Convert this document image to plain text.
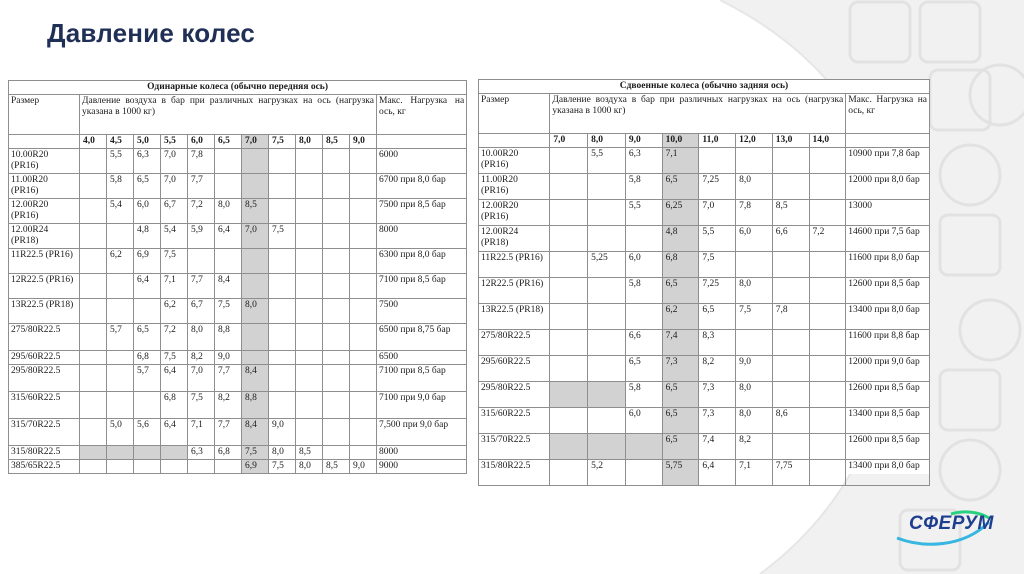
Давление колес
Одинарные колеса (обычно передняя ось)												
Размер	Давление воздуха в бар при различных нагрузках на ось (нагрузка указана в 1000 кг)											Макс. Нагрузка на ось, кг
	4,0	4,5	5,0	5,5	6,0	6,5	7,0	7,5	8,0	8,5	9,0	
10.00R20 (PR16)		5,5	6,3	7,0	7,8							6000
11.00R20 (PR16)		5,8	6,5	7,0	7,7							6700 при 8,0 бар
12.00R20 (PR16)		5,4	6,0	6,7	7,2	8,0	8,5					7500 при 8,5 бар
12.00R24 (PR18)			4,8	5,4	5,9	6,4	7,0	7,5				8000
11R22.5 (PR16)		6,2	6,9	7,5								6300 при 8,0 бар
12R22.5 (PR16)			6,4	7,1	7,7	8,4						7100 при 8,5 бар
13R22.5 (PR18)				6,2	6,7	7,5	8,0					7500
275/80R22.5		5,7	6,5	7,2	8,0	8,8						6500 при 8,75 бар
295/60R22.5			6,8	7,5	8,2	9,0						6500
295/80R22.5			5,7	6,4	7,0	7,7	8,4					7100 при 8,5 бар
315/60R22.5				6,8	7,5	8,2	8,8					7100 при 9,0 бар
315/70R22.5		5,0	5,6	6,4	7,1	7,7	8,4	9,0				7,500 при 9,0 бар
315/80R22.5					6,3	6,8	7,5	8,0	8,5			8000
385/65R22.5							6,9	7,5	8,0	8,5	9,0	9000
Сдвоенные колеса (обычно задняя ось)									
Размер	Давление воздуха в бар при различных нагрузках на ось (нагрузка указана в 1000 кг)								Макс. Нагрузка на ось, кг
	7,0	8,0	9,0	10,0	11,0	12,0	13,0	14,0	
10.00R20 (PR16)		5,5	6,3	7,1					10900 при 7,8 бар
11.00R20 (PR16)			5,8	6,5	7,25	8,0			12000 при 8,0 бар
12.00R20 (PR16)			5,5	6,25	7,0	7,8	8,5		13000
12.00R24 (PR18)				4,8	5,5	6,0	6,6	7,2	14600 при 7,5 бар
11R22.5 (PR16)		5,25	6,0	6,8	7,5				11600 при 8,0 бар
12R22.5 (PR16)			5,8	6,5	7,25	8,0			12600 при 8,5 бар
13R22.5 (PR18)				6,2	6,5	7,5	7,8		13400 при 8,0 бар
275/80R22.5			6,6	7,4	8,3				11600 при 8,8 бар
295/60R22.5			6,5	7,3	8,2	9,0			12000 при 9,0 бар
295/80R22.5			5,8	6,5	7,3	8,0			12600 при 8,5 бар
315/60R22.5			6,0	6,5	7,3	8,0	8,6		13400 при 8,5 бар
315/70R22.5				6,5	7,4	8,2			12600 при 8,5 бар
315/80R22.5		5,2		5,75	6,4	7,1	7,75		13400 при 8,0 бар
СФЕРУМ
